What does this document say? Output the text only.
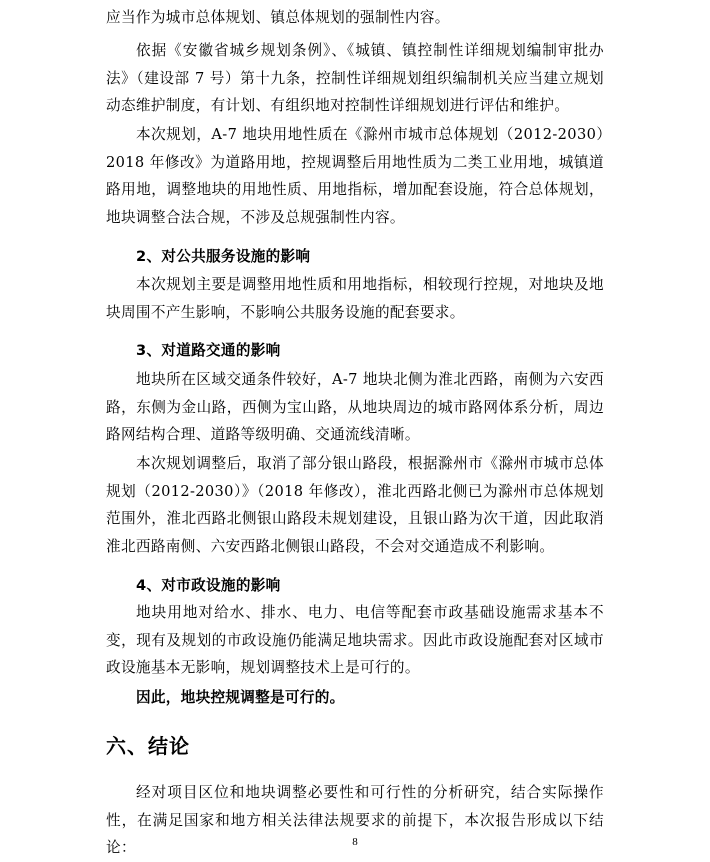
应当作为城市总体规划、镇总体规划的强制性内容。

依据《安徽省城乡规划条例》、《城镇、镇控制性详细规划编制审批办法》（建设部 7 号）第十九条，控制性详细规划组织编制机关应当建立规划动态维护制度，有计划、有组织地对控制性详细规划进行评估和维护。

本次规划，A-7 地块用地性质在《滁州市城市总体规划（2012-2030）2018 年修改》为道路用地，控规调整后用地性质为二类工业用地，城镇道路用地，调整地块的用地性质、用地指标，增加配套设施，符合总体规划，地块调整合法合规，不涉及总规强制性内容。

2、对公共服务设施的影响

本次规划主要是调整用地性质和用地指标，相较现行控规，对地块及地块周围不产生影响，不影响公共服务设施的配套要求。

3、对道路交通的影响

地块所在区域交通条件较好，A-7 地块北侧为淮北西路，南侧为六安西路，东侧为金山路，西侧为宝山路，从地块周边的城市路网体系分析，周边路网结构合理、道路等级明确、交通流线清晰。

本次规划调整后，取消了部分银山路段，根据滁州市《滁州市城市总体规划（2012-2030）》（2018 年修改），淮北西路北侧已为滁州市总体规划范围外，淮北西路北侧银山路段未规划建设，且银山路为次干道，因此取消淮北西路南侧、六安西路北侧银山路段，不会对交通造成不利影响。

4、对市政设施的影响

地块用地对给水、排水、电力、电信等配套市政基础设施需求基本不变，现有及规划的市政设施仍能满足地块需求。因此市政设施配套对区域市政设施基本无影响，规划调整技术上是可行的。

因此，地块控规调整是可行的。

六、结论

经对项目区位和地块调整必要性和可行性的分析研究，结合实际操作性，在满足国家和地方相关法律法规要求的前提下，本次报告形成以下结论：	8
